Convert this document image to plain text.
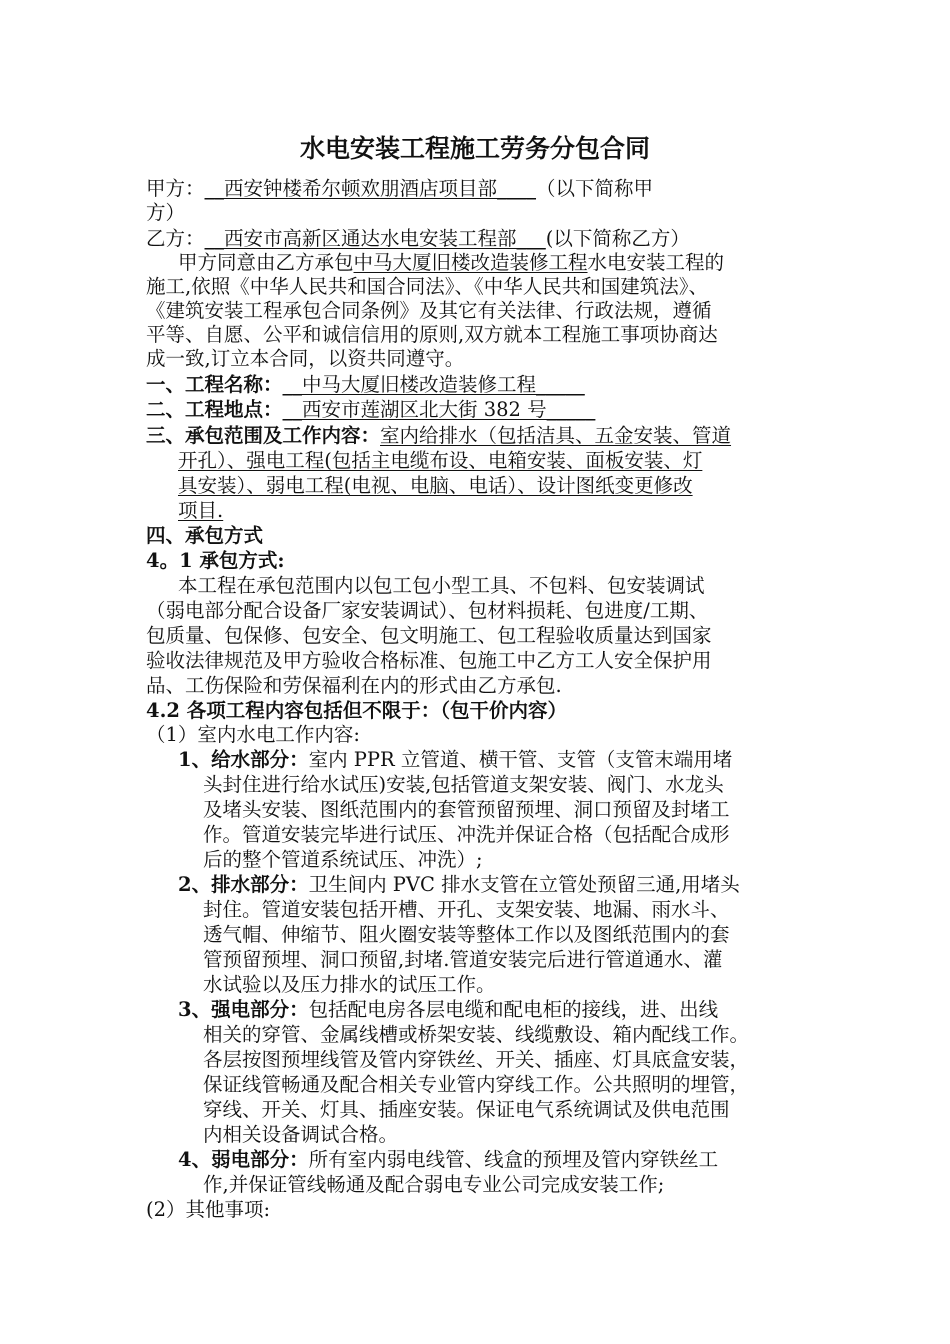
水电安装工程施工劳务分包合同
甲方：__西安钟楼希尔顿欢朋酒店项目部____（以下简称甲
方）
乙方：__西安市高新区通达水电安装工程部___(以下简称乙方）
甲方同意由乙方承包中马大厦旧楼改造装修工程水电安装工程的
施工,依照《中华人民共和国合同法》、《中华人民共和国建筑法》、
《建筑安装工程承包合同条例》及其它有关法律、行政法规，遵循
平等、自愿、公平和诚信信用的原则,双方就本工程施工事项协商达
成一致,订立本合同，以资共同遵守。
一、工程名称：__中马大厦旧楼改造装修工程_____
二、工程地点：__西安市莲湖区北大街 382 号_____
三、承包范围及工作内容：室内给排水（包括洁具、五金安装、管道
开孔）、强电工程(包括主电缆布设、电箱安装、面板安装、灯
具安装）、弱电工程(电视、电脑、电话）、设计图纸变更修改
项目.
四、承包方式
4。1 承包方式:
本工程在承包范围内以包工包小型工具、不包料、包安装调试
（弱电部分配合设备厂家安装调试）、包材料损耗、包进度/工期、
包质量、包保修、包安全、包文明施工、包工程验收质量达到国家
验收法律规范及甲方验收合格标准、包施工中乙方工人安全保护用
品、工伤保险和劳保福利在内的形式由乙方承包.
4.2 各项工程内容包括但不限于：（包干价内容）
（1）室内水电工作内容:
1、给水部分：室内 PPR 立管道、横干管、支管（支管末端用堵
头封住进行给水试压)安装,包括管道支架安装、阀门、水龙头
及堵头安装、图纸范围内的套管预留预埋、洞口预留及封堵工
作。管道安装完毕进行试压、冲洗并保证合格（包括配合成形
后的整个管道系统试压、冲洗）;
2、排水部分：卫生间内 PVC 排水支管在立管处预留三通,用堵头
封住。管道安装包括开槽、开孔、支架安装、地漏、雨水斗、
透气帽、伸缩节、阻火圈安装等整体工作以及图纸范围内的套
管预留预埋、洞口预留,封堵.管道安装完后进行管道通水、灌
水试验以及压力排水的试压工作。
3、强电部分：包括配电房各层电缆和配电柜的接线，进、出线
相关的穿管、金属线槽或桥架安装、线缆敷设、箱内配线工作。
各层按图预埋线管及管内穿铁丝、开关、插座、灯具底盒安装，
保证线管畅通及配合相关专业管内穿线工作。公共照明的埋管，
穿线、开关、灯具、插座安装。保证电气系统调试及供电范围
内相关设备调试合格。
4、弱电部分：所有室内弱电线管、线盒的预埋及管内穿铁丝工
作,并保证管线畅通及配合弱电专业公司完成安装工作;
(2）其他事项:
